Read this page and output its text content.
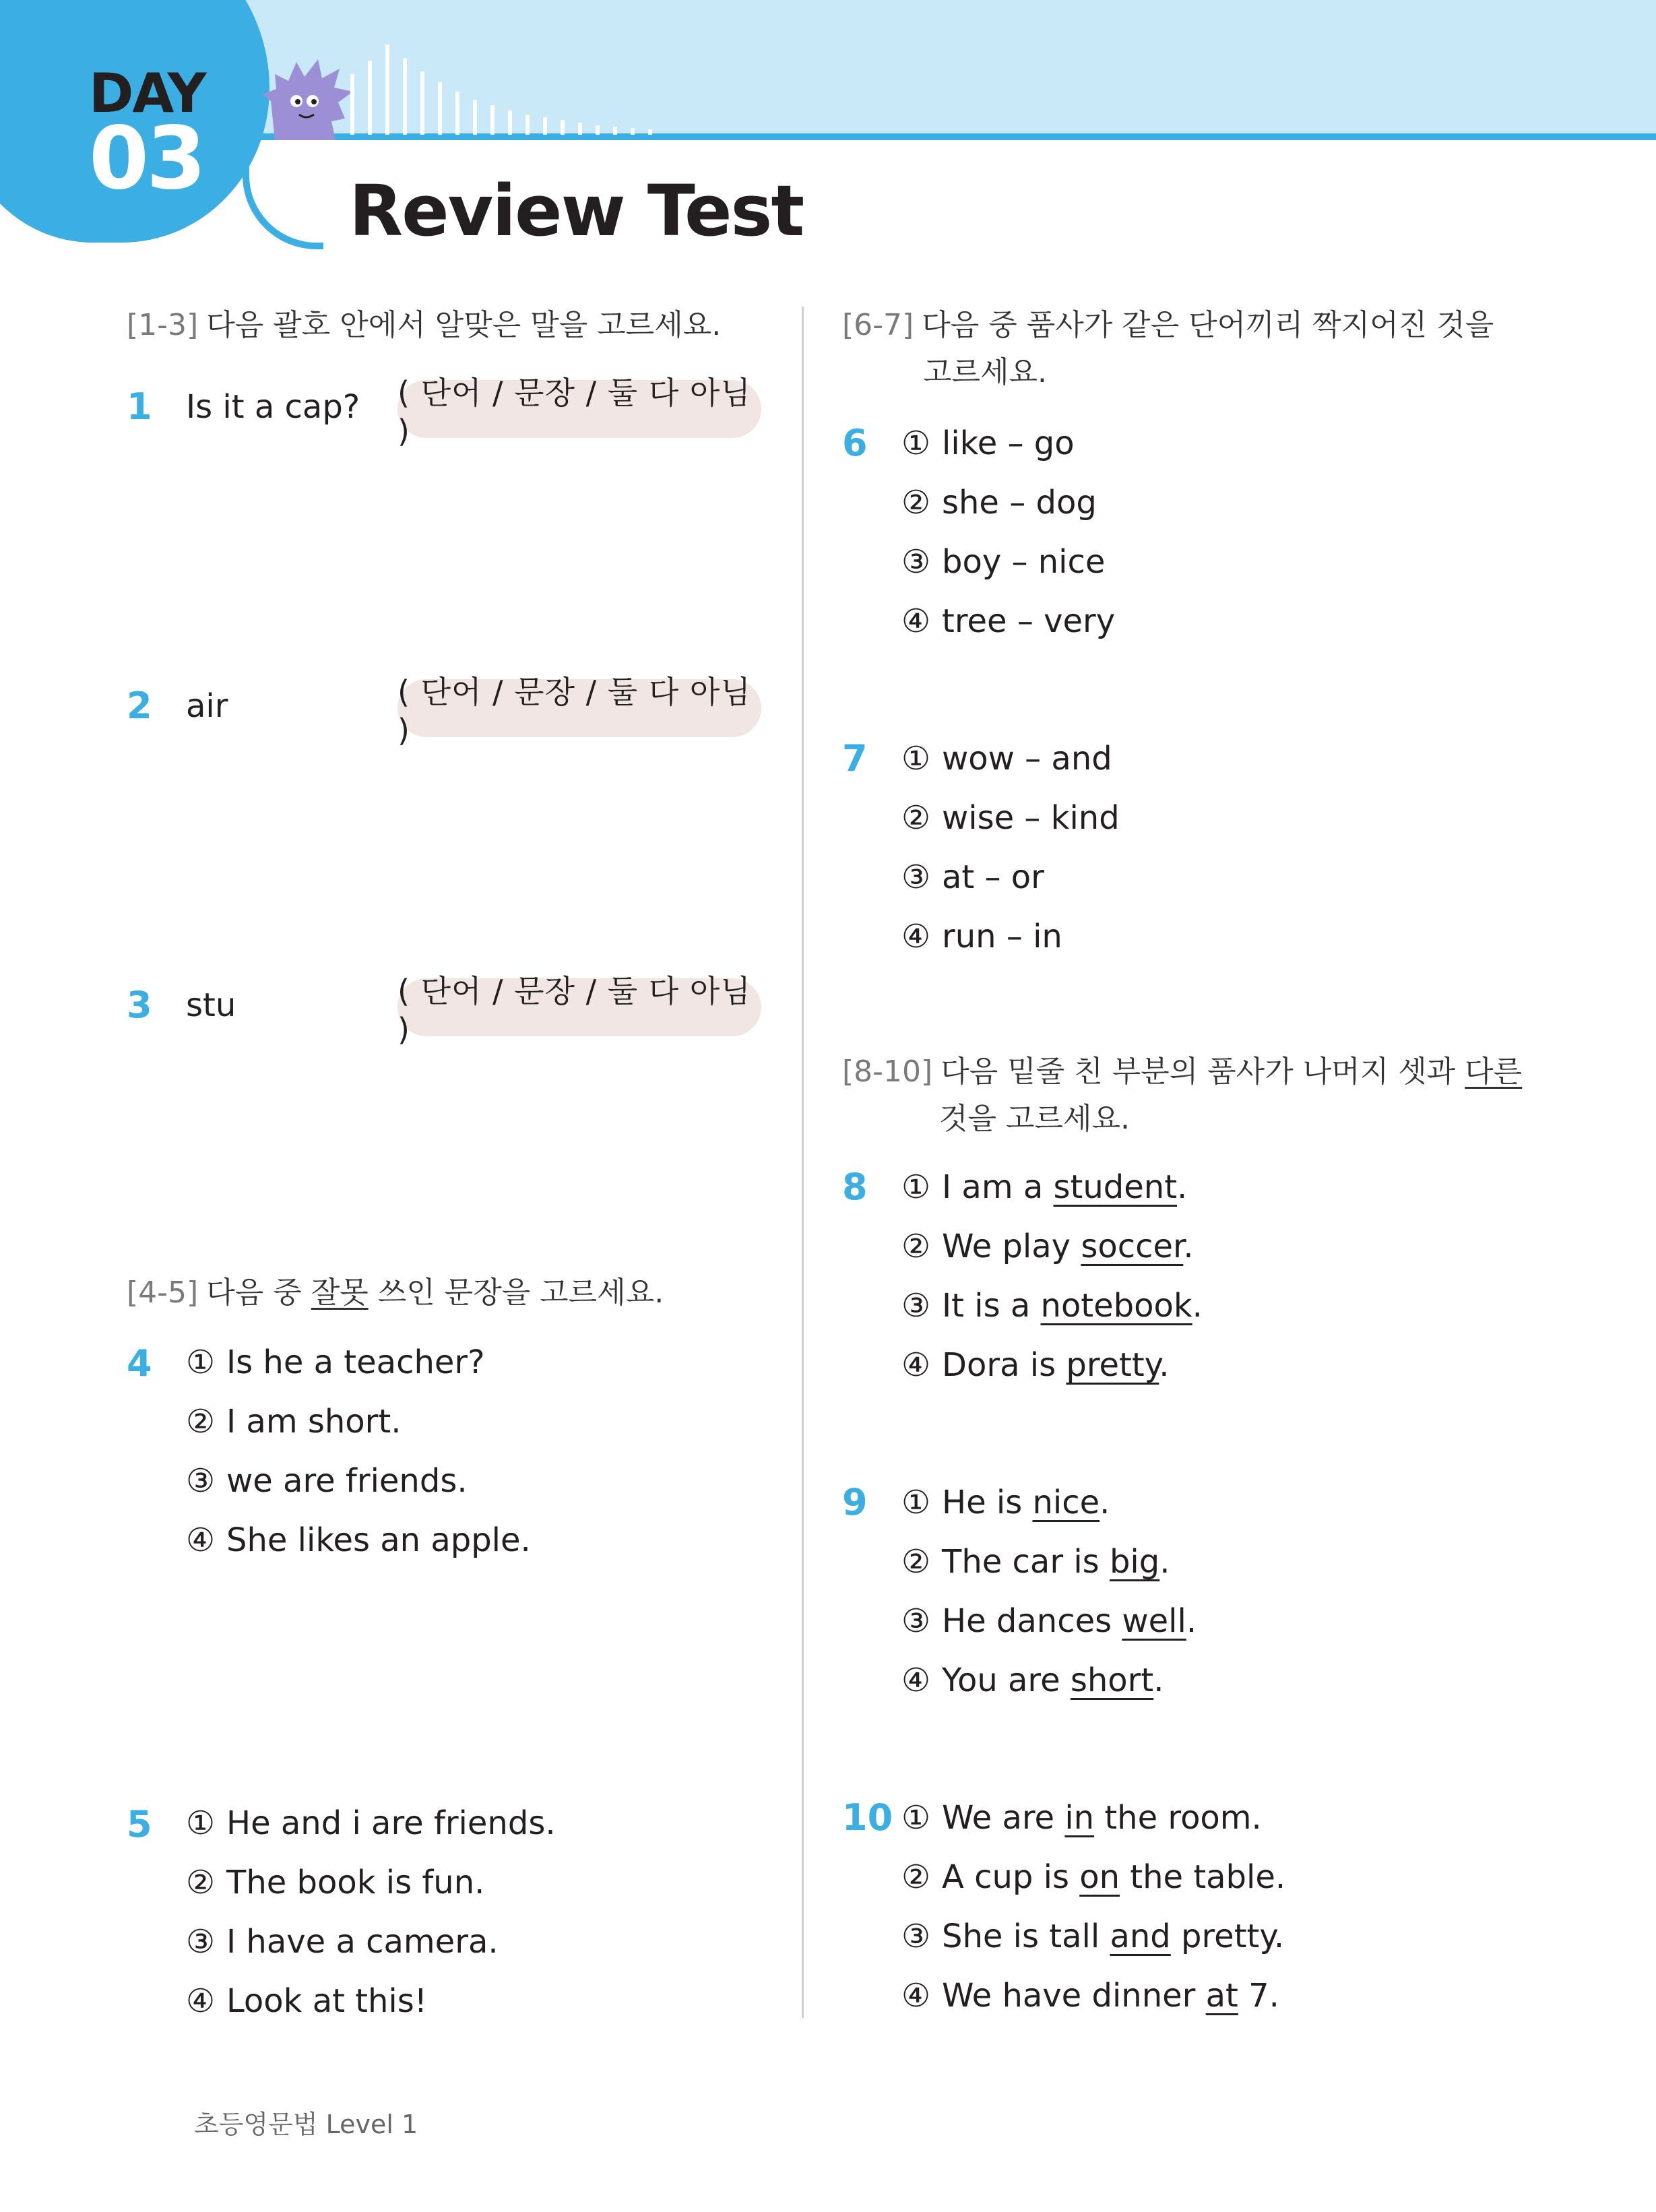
DAY
03
Review Test
[1-3] 다음 괄호 안에서 알맞은 말을 고르세요.
1 Is it a cap? ( 단어 / 문장 / 둘 다 아님 )
2 air	( 단어 / 문장 / 둘 다 아님 )
3 stu	( 단어 / 문장 / 둘 다 아님 )
[4-5] 다음 중 잘못 쓰인 문장을 고르세요.
4 ① Is he a teacher?
② I am short.
③ we are friends.
④ She likes an apple.
5 ① He and i are friends.
② The book is fun.
③ I have a camera.
④ Look at this!
[6-7] 다음 중 품사가 같은 단어끼리 짝지어진 것을
고르세요.
6 ① like – go
② she – dog
③ boy – nice
④ tree – very
7 ① wow – and
② wise – kind
③ at – or
④ run – in
[8-10] 다음 밑줄 친 부분의 품사가 나머지 셋과 다른
것을 고르세요.
8 ① I am a student.
② We play soccer.
③ It is a notebook.
④ Dora is pretty.
9 ① He is nice.
② The car is big.
③ He dances well.
④ You are short.
10 ① We are in the room.
② A cup is on the table.
③ She is tall and pretty.
④ We have dinner at 7.
초등영문법 Level 1
